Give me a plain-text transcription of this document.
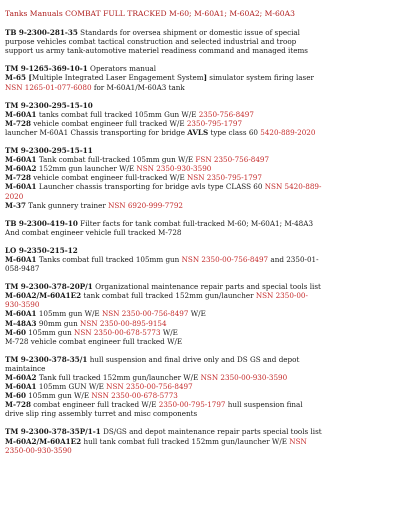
Tanks Manuals COMBAT FULL TRACKED M-60; M-60A1; M-60A2; M-60A3
TB 9-2300-281-35 Standards for oversea shipment or domestic issue of special
purpose vehicles combat tactical construction and selected industrial and troop
support us army tank-automotive materiel readiness command and managed items
TM 9-1265-369-10-1 Operators manual
M-65 [Multiple Integrated Laser Engagement System] simulator system firing laser
NSN 1265-01-077-6080 for M-60A1/M-60A3 tank
TM 9-2300-295-15-10
M-60A1 tanks combat full tracked 105mm Gun W/E 2350-756-8497
M-728 vehicle combat engineer full tracked W/E 2350-795-1797
launcher M-60A1 Chassis transporting for bridge AVLS type class 60 5420-889-2020
TM 9-2300-295-15-11
M-60A1 Tank combat full-tracked 105mm gun W/E FSN 2350-756-8497
M-60A2 152mm gun launcher W/E NSN 2350-930-3590
M-728 vehicle combat engineer full-tracked W/E NSN 2350-795-1797
M-60A1 Launcher chassis transporting for bridge avls type CLASS 60 NSN 5420-889-
2020
M-37 Tank gunnery trainer NSN 6920-999-7792
TB 9-2300-419-10 Filter facts for tank combat full-tracked M-60; M-60A1; M-48A3
And combat engineer vehicle full tracked M-728
LO 9-2350-215-12
M-60A1 Tanks combat full tracked 105mm gun NSN 2350-00-756-8497 and 2350-01-
058-9487
TM 9-2300-378-20P/1 Organizational maintenance repair parts and special tools list
M-60A2/M-60A1E2 tank combat full tracked 152mm gun/launcher NSN 2350-00-
930-3590
M-60A1 105mm gun W/E NSN 2350-00-756-8497 W/E
M-48A3 90mm gun NSN 2350-00-895-9154
M-60 105mm gun NSN 2350-00-678-5773 W/E
M-728 vehicle combat engineer full tracked W/E
TM 9-2300-378-35/1 hull suspension and final drive only and DS GS and depot
maintaince
M-60A2 Tank full tracked 152mm gun/launcher W/E NSN 2350-00-930-3590
M-60A1 105mm GUN W/E NSN 2350-00-756-8497
M-60 105mm gun W/E NSN 2350-00-678-5773
M-728 combat engineer full tracked W/E 2350-00-795-1797 hull suspension final
drive slip ring assembly turret and misc components
TM 9-2300-378-35P/1-1 DS/GS and depot maintenance repair parts special tools list
M-60A2/M-60A1E2 hull tank combat full tracked 152mm gun/launcher W/E NSN
2350-00-930-3590
